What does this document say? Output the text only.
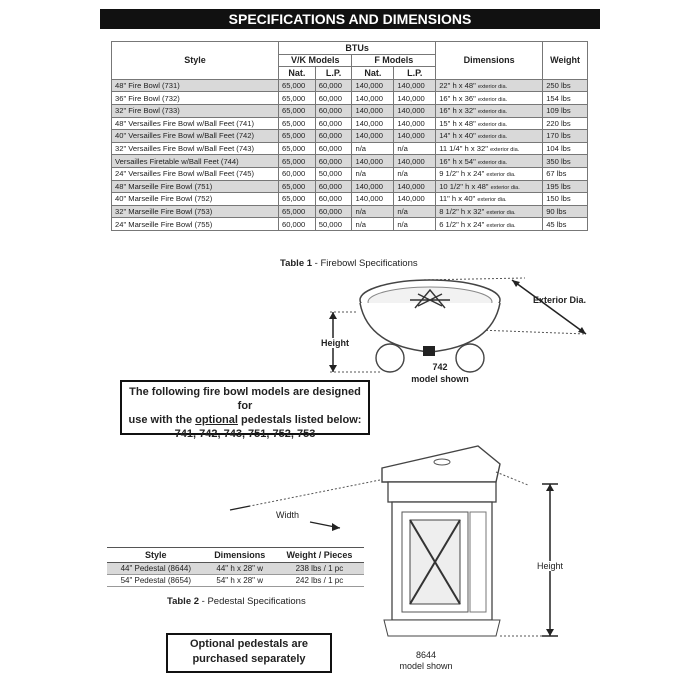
SPECIFICATIONS AND DIMENSIONS
Style	BTUs				Dimensions	Weight
	V/K Models		F Models			
	Nat.	L.P.	Nat.	L.P.		
48" Fire Bowl (731)	65,000	60,000	140,000	140,000	22" h x 48" exterior dia.	250 lbs
36" Fire Bowl (732)	65,000	60,000	140,000	140,000	16" h x 36" exterior dia.	154 lbs
32" Fire Bowl (733)	65,000	60,000	140,000	140,000	16" h x 32" exterior dia.	109 lbs
48" Versailles Fire Bowl w/Ball Feet (741)	65,000	60,000	140,000	140,000	15" h x 48" exterior dia.	220 lbs
40" Versailles Fire Bowl w/Ball Feet (742)	65,000	60,000	140,000	140,000	14" h x 40" exterior dia.	170 lbs
32" Versailles Fire Bowl w/Ball Feet (743)	65,000	60,000	n/a	n/a	11 1/4" h x 32" exterior dia.	104 lbs
Versailles Firetable w/Ball Feet (744)	65,000	60,000	140,000	140,000	16" h x 54" exterior dia.	350 lbs
24" Versailles Fire Bowl w/Ball Feet (745)	60,000	50,000	n/a	n/a	9 1/2" h x 24" exterior dia.	67 lbs
48" Marseille Fire Bowl (751)	65,000	60,000	140,000	140,000	10 1/2" h x 48" exterior dia.	195 lbs
40" Marseille Fire Bowl (752)	65,000	60,000	140,000	140,000	11" h x 40" exterior dia.	150 lbs
32" Marseille Fire Bowl (753)	65,000	60,000	n/a	n/a	8 1/2" h x 32" exterior dia.	90 lbs
24" Marseille Fire Bowl (755)	60,000	50,000	n/a	n/a	6 1/2" h x 24" exterior dia.	45 lbs
Table 1 - Firebowl Specifications
Exterior Dia.
Height
742
model shown
The following fire bowl models are designed for
use with the optional pedestals listed below:
741, 742, 743, 751, 752, 753
Width
Height
8644
model shown
Style	Dimensions	Weight / Pieces
44" Pedestal (8644)	44" h x 28" w	238 lbs / 1 pc
54" Pedestal (8654)	54" h x 28" w	242 lbs / 1 pc
Table 2 - Pedestal Specifications
Optional pedestals are
purchased separately
